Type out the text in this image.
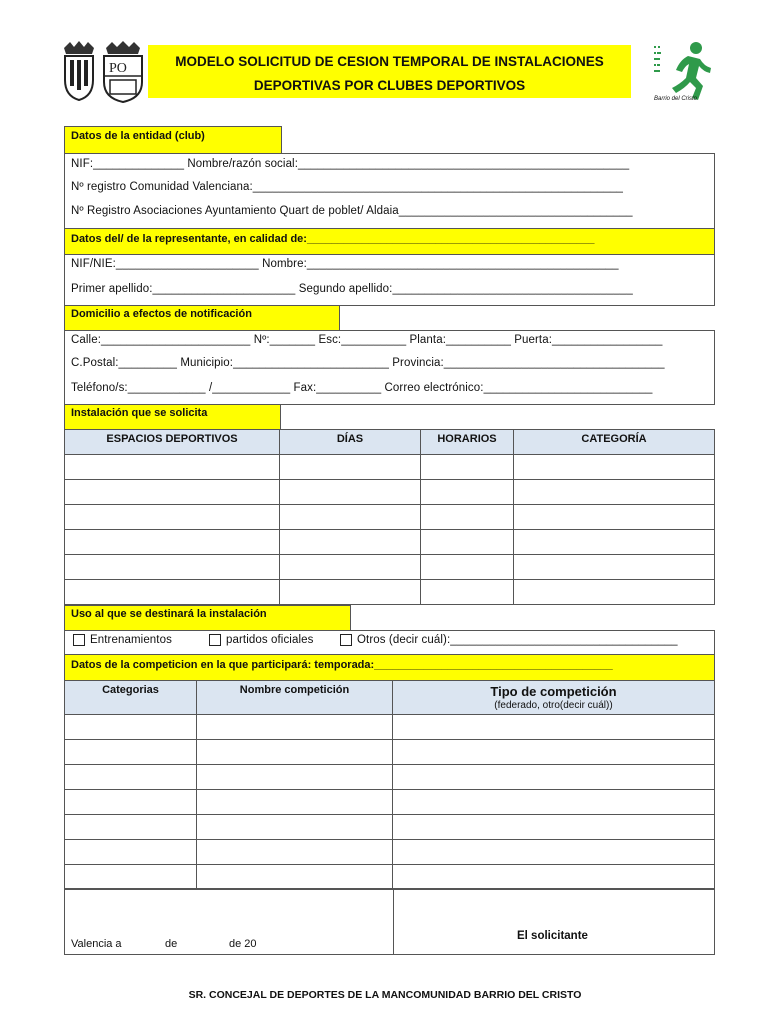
PO	MODELO SOLICITUD DE CESION TEMPORAL DE INSTALACIONES
DEPORTIVAS POR CLUBES DEPORTIVOS
Barrio del Cristo
Datos de la entidad (club)
NIF:______________ Nombre/razón social:___________________________________________________
Nº registro Comunidad Valenciana:_________________________________________________________
Nº Registro Asociaciones Ayuntamiento Quart de poblet/ Aldaia____________________________________
Datos del/ de la representante, en calidad de:_______________________________________________
NIF/NIE:______________________ Nombre:________________________________________________
Primer apellido:______________________ Segundo apellido:_____________________________________
Domicilio a efectos de notificación
Calle:_______________________ Nº:_______ Esc:__________ Planta:__________ Puerta:_________________
C.Postal:_________ Municipio:________________________ Provincia:__________________________________
Teléfono/s:____________ /____________ Fax:__________ Correo electrónico:__________________________
Instalación que se solicita
ESPACIOS DEPORTIVOS	DÍAS	HORARIOS	CATEGORÍA

Uso al que se destinará la instalación
Entrenamientos	partidos oficiales	Otros (decir cuál):___________________________________
Datos de la competicion en la que participará: temporada:_______________________________________
Categorias	Nombre competición	Tipo de competición
(federado, otro(decir cuál))

Valencia a	de	de 20
El solicitante
SR. CONCEJAL DE DEPORTES DE LA MANCOMUNIDAD BARRIO DEL CRISTO
